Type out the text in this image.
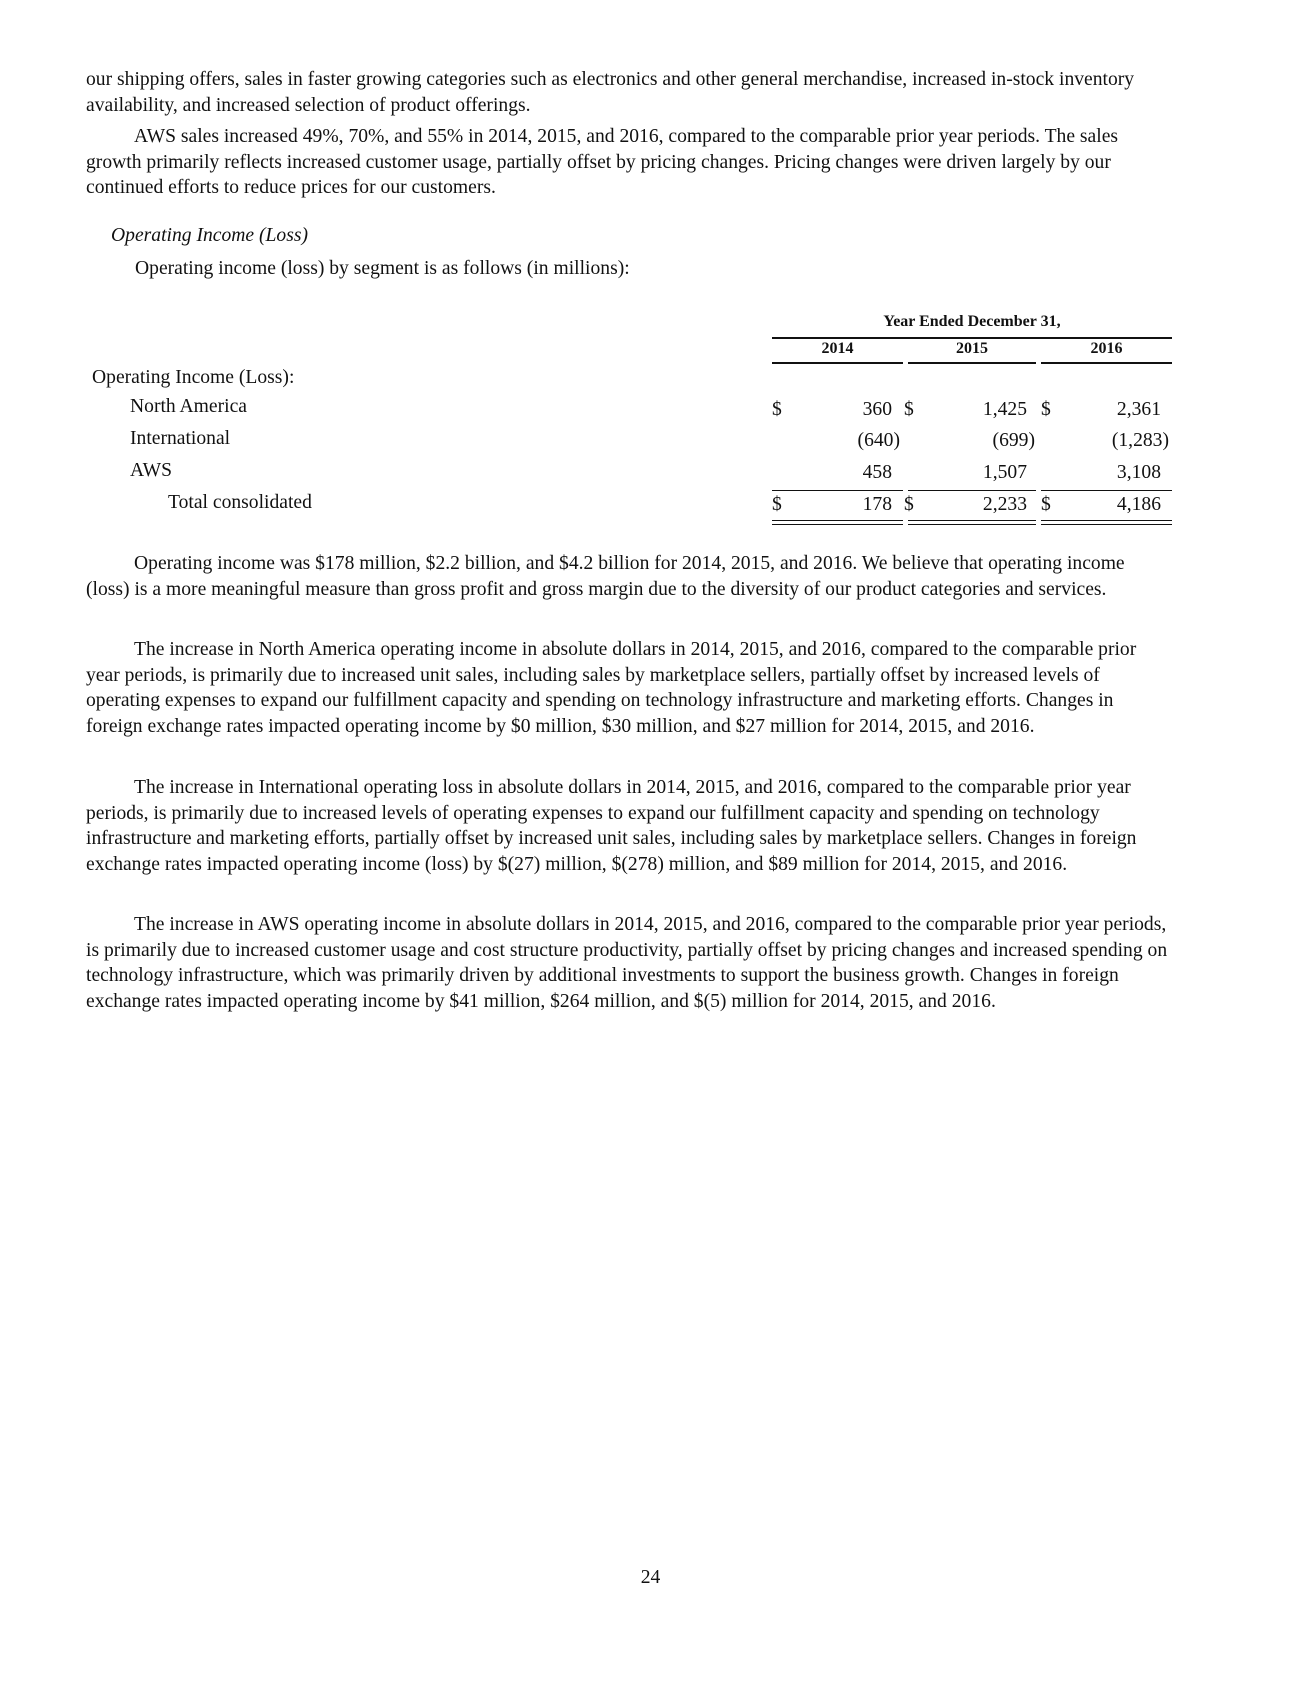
our shipping offers, sales in faster growing categories such as electronics and other general merchandise, increased in-stock inventory availability, and increased selection of product offerings.

AWS sales increased 49%, 70%, and 55% in 2014, 2015, and 2016, compared to the comparable prior year periods. The sales growth primarily reflects increased customer usage, partially offset by pricing changes. Pricing changes were driven largely by our continued efforts to reduce prices for our customers.

Operating Income (Loss)

Operating income (loss) by segment is as follows (in millions):

Year Ended December 31,
2014	2015	2016
Operating Income (Loss):
North America	$	360 $	1,425 $	2,361
International	(640)	(699)	(1,283)
AWS	458	1,507	3,108
Total consolidated	$	178 $	2,233 $	4,186

Operating income was $178 million, $2.2 billion, and $4.2 billion for 2014, 2015, and 2016. We believe that operating income (loss) is a more meaningful measure than gross profit and gross margin due to the diversity of our product categories and services.

The increase in North America operating income in absolute dollars in 2014, 2015, and 2016, compared to the comparable prior year periods, is primarily due to increased unit sales, including sales by marketplace sellers, partially offset by increased levels of operating expenses to expand our fulfillment capacity and spending on technology infrastructure and marketing efforts. Changes in foreign exchange rates impacted operating income by $0 million, $30 million, and $27 million for 2014, 2015, and 2016.

The increase in International operating loss in absolute dollars in 2014, 2015, and 2016, compared to the comparable prior year periods, is primarily due to increased levels of operating expenses to expand our fulfillment capacity and spending on technology infrastructure and marketing efforts, partially offset by increased unit sales, including sales by marketplace sellers. Changes in foreign exchange rates impacted operating income (loss) by $(27) million, $(278) million, and $89 million for 2014, 2015, and 2016.

The increase in AWS operating income in absolute dollars in 2014, 2015, and 2016, compared to the comparable prior year periods, is primarily due to increased customer usage and cost structure productivity, partially offset by pricing changes and increased spending on technology infrastructure, which was primarily driven by additional investments to support the business growth. Changes in foreign exchange rates impacted operating income by $41 million, $264 million, and $(5) million for 2014, 2015, and 2016.

24
